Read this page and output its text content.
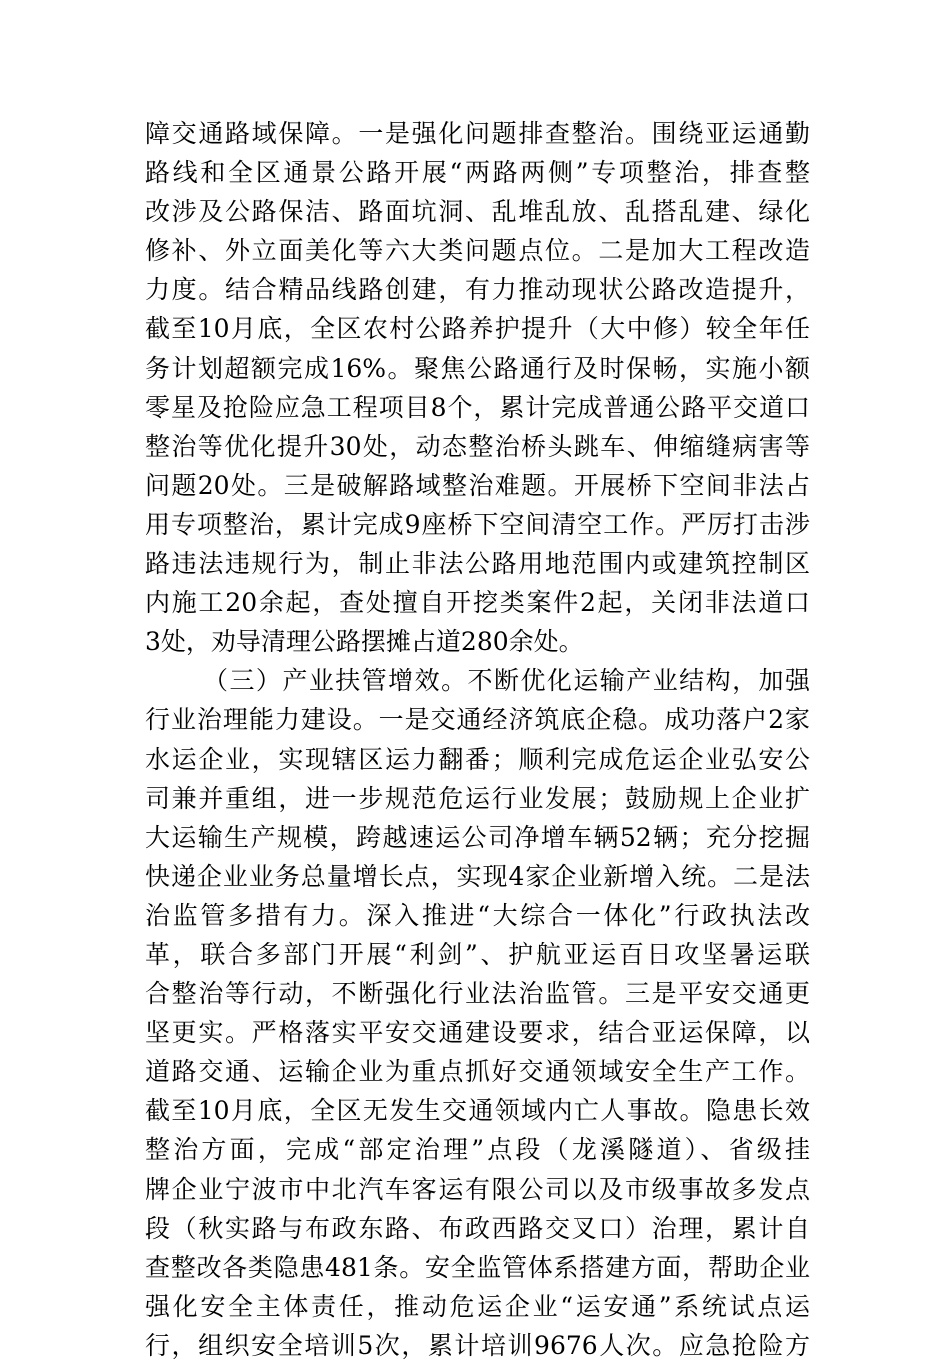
障交通路域保障。一是强化问题排查整治。围绕亚运通勤
路线和全区通景公路开展“两路两侧”专项整治，排查整
改涉及公路保洁、路面坑洞、乱堆乱放、乱搭乱建、绿化
修补、外立面美化等六大类问题点位。二是加大工程改造
力度。结合精品线路创建，有力推动现状公路改造提升，
截至10月底，全区农村公路养护提升（大中修）较全年任
务计划超额完成16%。聚焦公路通行及时保畅，实施小额
零星及抢险应急工程项目8个，累计完成普通公路平交道口
整治等优化提升30处，动态整治桥头跳车、伸缩缝病害等
问题20处。三是破解路域整治难题。开展桥下空间非法占
用专项整治，累计完成9座桥下空间清空工作。严厉打击涉
路违法违规行为，制止非法公路用地范围内或建筑控制区
内施工20余起，查处擅自开挖类案件2起，关闭非法道口
3处，劝导清理公路摆摊占道280余处。
（三）产业扶管增效。不断优化运输产业结构，加强
行业治理能力建设。一是交通经济筑底企稳。成功落户2家
水运企业，实现辖区运力翻番；顺利完成危运企业弘安公
司兼并重组，进一步规范危运行业发展；鼓励规上企业扩
大运输生产规模，跨越速运公司净增车辆52辆；充分挖掘
快递企业业务总量增长点，实现4家企业新增入统。二是法
治监管多措有力。深入推进“大综合一体化”行政执法改
革，联合多部门开展“利剑”、护航亚运百日攻坚暑运联
合整治等行动，不断强化行业法治监管。三是平安交通更
坚更实。严格落实平安交通建设要求，结合亚运保障，以
道路交通、运输企业为重点抓好交通领域安全生产工作。
截至10月底，全区无发生交通领域内亡人事故。隐患长效
整治方面，完成“部定治理”点段（龙溪隧道）、省级挂
牌企业宁波市中北汽车客运有限公司以及市级事故多发点
段（秋实路与布政东路、布政西路交叉口）治理，累计自
查整改各类隐患481条。安全监管体系搭建方面，帮助企业
强化安全主体责任，推动危运企业“运安通”系统试点运
行，组织安全培训5次，累计培训9676人次。应急抢险方
